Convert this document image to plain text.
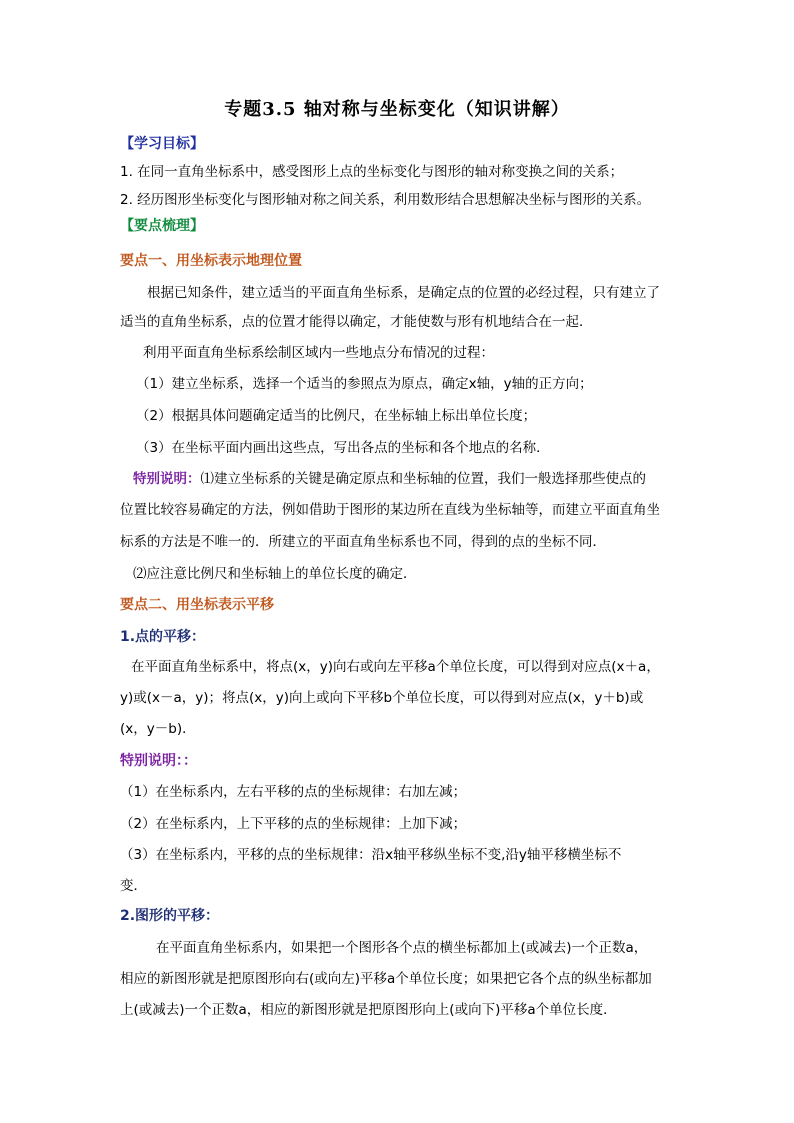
专题3.5 轴对称与坐标变化（知识讲解）
【学习目标】
1. 在同一直角坐标系中，感受图形上点的坐标变化与图形的轴对称变换之间的关系；
2. 经历图形坐标变化与图形轴对称之间关系，利用数形结合思想解决坐标与图形的关系。
【要点梳理】
要点一、用坐标表示地理位置
根据已知条件，建立适当的平面直角坐标系，是确定点的位置的必经过程，只有建立了
适当的直角坐标系，点的位置才能得以确定，才能使数与形有机地结合在一起．
利用平面直角坐标系绘制区域内一些地点分布情况的过程：
（1）建立坐标系，选择一个适当的参照点为原点，确定x轴，y轴的正方向；
（2）根据具体问题确定适当的比例尺，在坐标轴上标出单位长度；
（3）在坐标平面内画出这些点，写出各点的坐标和各个地点的名称．
特别说明：⑴建立坐标系的关键是确定原点和坐标轴的位置，我们一般选择那些使点的
位置比较容易确定的方法，例如借助于图形的某边所在直线为坐标轴等，而建立平面直角坐
标系的方法是不唯一的．所建立的平面直角坐标系也不同，得到的点的坐标不同．
⑵应注意比例尺和坐标轴上的单位长度的确定．
要点二、用坐标表示平移
1.点的平移：
在平面直角坐标系中，将点(x，y)向右或向左平移a个单位长度，可以得到对应点(x＋a，
y)或(x－a，y)；将点(x，y)向上或向下平移b个单位长度，可以得到对应点(x，y＋b)或
(x，y－b)．
特别说明：：
（1）在坐标系内，左右平移的点的坐标规律：右加左减；
（2）在坐标系内，上下平移的点的坐标规律：上加下减；
（3）在坐标系内，平移的点的坐标规律：沿x轴平移纵坐标不变,沿y轴平移横坐标不
变．
2.图形的平移：
在平面直角坐标系内，如果把一个图形各个点的横坐标都加上(或减去)一个正数a，
相应的新图形就是把原图形向右(或向左)平移a个单位长度；如果把它各个点的纵坐标都加
上(或减去)一个正数a，相应的新图形就是把原图形向上(或向下)平移a个单位长度．
